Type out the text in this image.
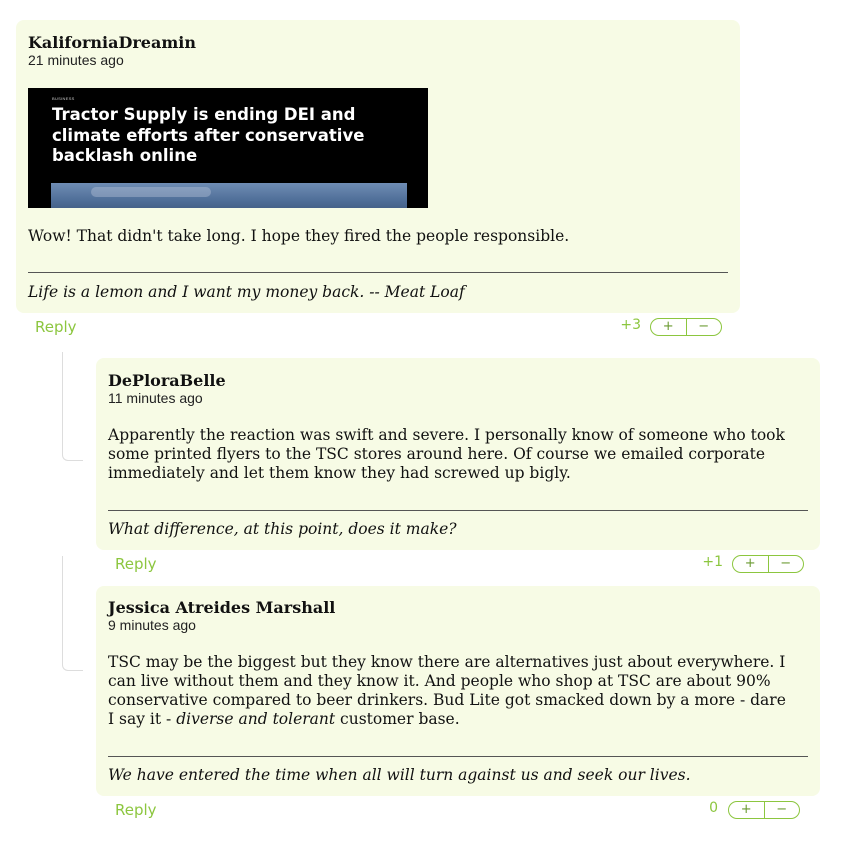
KaliforniaDreamin
21 minutes ago
BUSINESS
Tractor Supply is ending DEI and climate efforts after conservative backlash online
Wow! That didn't take long. I hope they fired the people responsible.
Life is a lemon and I want my money back. -- Meat Loaf
Reply	+3	+	−
DePloraBelle
11 minutes ago
Apparently the reaction was swift and severe. I personally know of someone who took
some printed flyers to the TSC stores around here. Of course we emailed corporate
immediately and let them know they had screwed up bigly.
What difference, at this point, does it make?
Reply	+1	+	−
Jessica Atreides Marshall
9 minutes ago
TSC may be the biggest but they know there are alternatives just about everywhere. I
can live without them and they know it. And people who shop at TSC are about 90%
conservative compared to beer drinkers. Bud Lite got smacked down by a more - dare
I say it - diverse and tolerant customer base.
We have entered the time when all will turn against us and seek our lives.
Reply	0	+	−
